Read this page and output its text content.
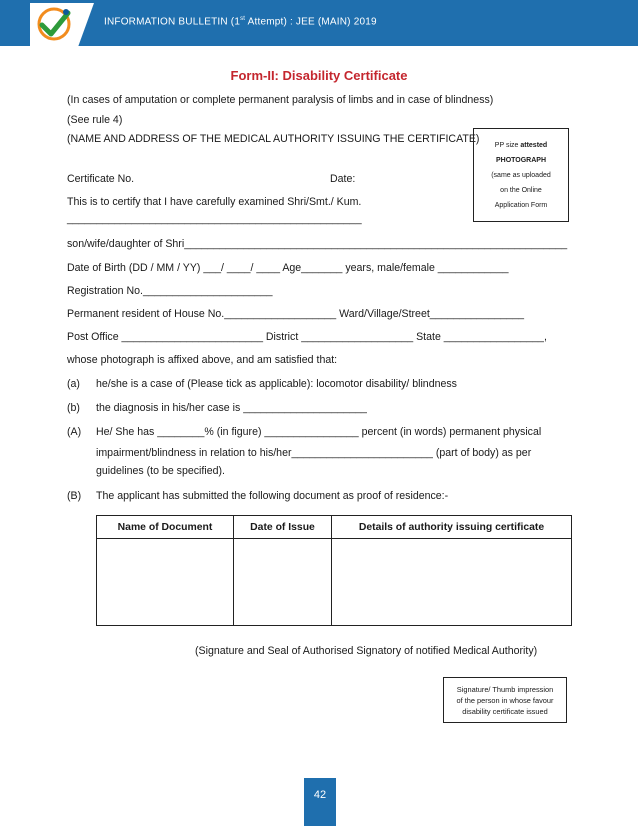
INFORMATION BULLETIN (1st Attempt) : JEE (MAIN) 2019
Form-II: Disability Certificate
(In cases of amputation or complete permanent paralysis of limbs and in case of blindness)
(See rule 4)
(NAME AND ADDRESS OF THE MEDICAL AUTHORITY ISSUING THE CERTIFICATE)
PP size attested
PHOTOGRAPH
(same as uploaded
on the Online
Application Form
Certificate No.	Date:
This is to certify that I have carefully examined Shri/Smt./ Kum.
__________________________________________________
son/wife/daughter of Shri_________________________________________________________________
Date of Birth (DD / MM / YY) ___/ ____/ ____ Age_______ years, male/female ____________
Registration No.______________________
Permanent resident of House No.___________________ Ward/Village/Street________________
Post Office ________________________ District ___________________ State _________________,
whose photograph is affixed above, and am satisfied that:
(a) he/she is a case of (Please tick as applicable): locomotor disability/ blindness
(b) the diagnosis in his/her case is _____________________
(A) He/ She has ________% (in figure) ________________ percent (in words) permanent physical
impairment/blindness in relation to his/her________________________ (part of body) as per
guidelines (to be specified).
(B) The applicant has submitted the following document as proof of residence:-
Name of Document	Date of Issue	Details of authority issuing certificate

(Signature and Seal of Authorised Signatory of notified Medical Authority)
Signature/ Thumb impression
of the person in whose favour
disability certificate issued
42
